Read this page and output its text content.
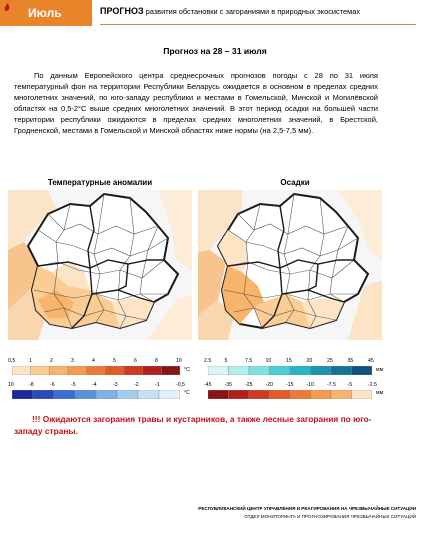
Июль	ПРОГНОЗ развития обстановки с загораниями в природных экосистемах
Прогноз на 28 – 31 июля
По данным Европейского центра среднесрочных прогнозов погоды с 28 по 31 июля температурный фон на территории Республики Беларусь ожидается в основном в пределах средних многолетних значений, по юго-западу республики и местами в Гомельской, Минской и Могилёвской областях на 0,5-2°C выше средних многолетних значений. В этот период осадки на большей части территории республики ожидаются в пределах средних многолетних значений, в Брестской, Гродненской, местами в Гомельской и Минской областях ниже нормы (на 2,5-7,5 мм).
Температурные аномалии	Осадки
0,5	1	2	3	4	5	6	8	10
°C
10	-8	-6	-5	-4	-3	-2	-1	-0,5
°C
2.5	5	7.5	10	15	20	25	35	45
мм
-45	-35	-25	-20	-15	-10	-7.5 -5	-2.5
мм
!!! Ожидаются загорания травы и кустарников, а также лесные загорания по юго-западу страны.
РЕСПУБЛИКАНСКИЙ ЦЕНТР УПРАВЛЕНИЯ И РЕАГИРОВАНИЯ НА ЧРЕЗВЫЧАЙНЫЕ СИТУАЦИИ
ОТДЕЛ МОНИТОРИНГА И ПРОГНОЗИРОВАНИЯ ЧРЕЗВЫЧАЙНЫХ СИТУАЦИЙ
